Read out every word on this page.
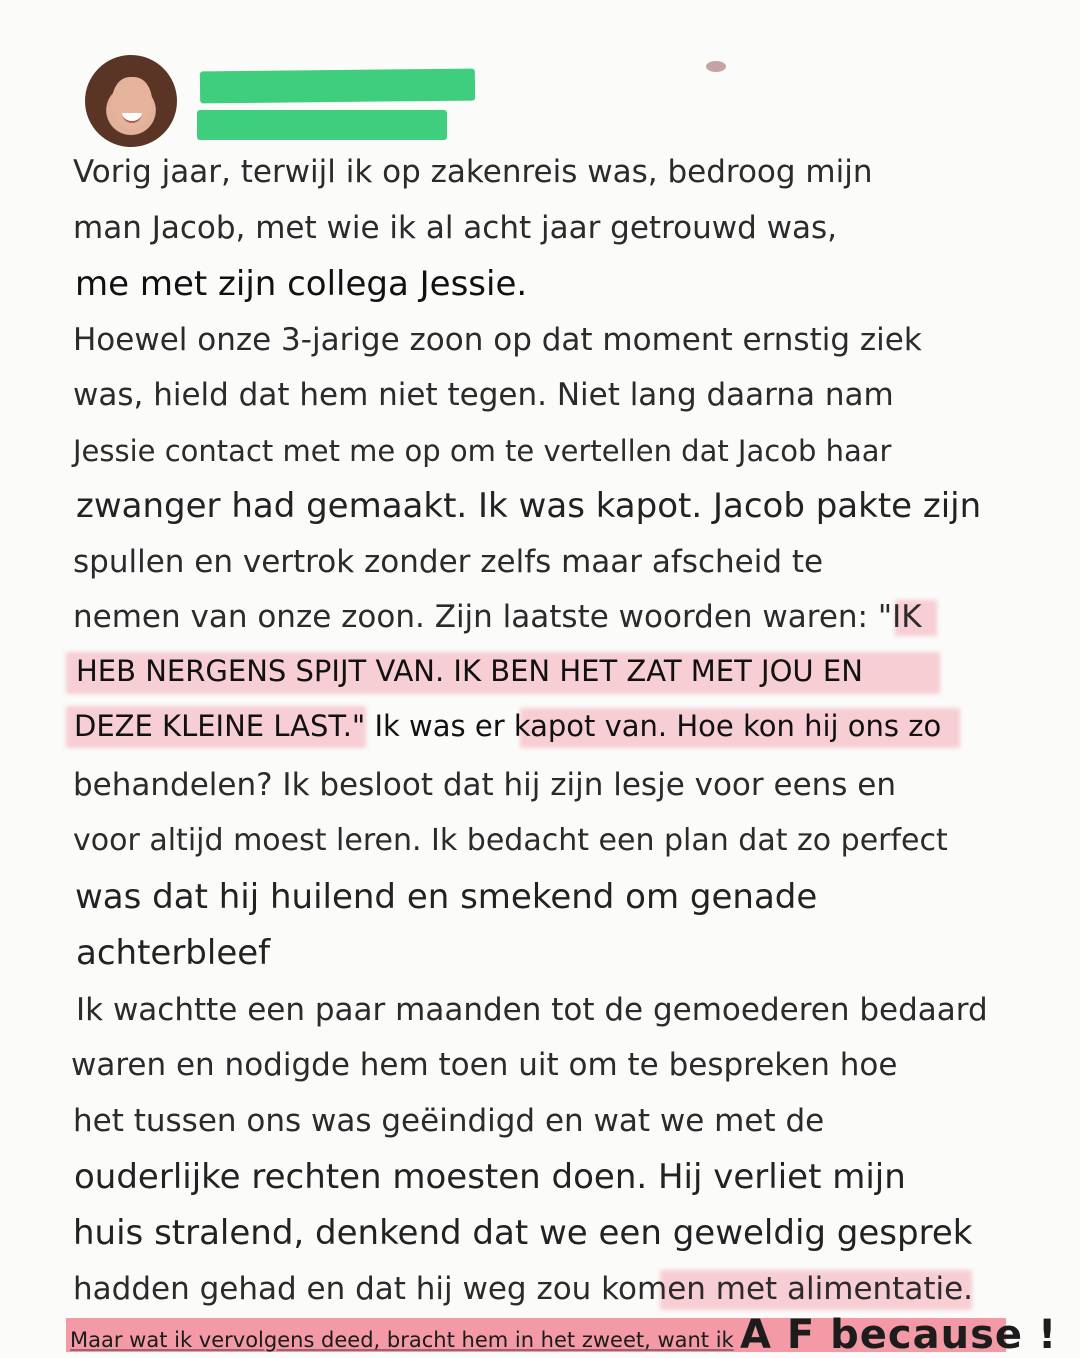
Vorig jaar, terwijl ik op zakenreis was, bedroog mijn

man Jacob, met wie ik al acht jaar getrouwd was,

me met zijn collega Jessie.

Hoewel onze 3-jarige zoon op dat moment ernstig ziek

was, hield dat hem niet tegen. Niet lang daarna nam

Jessie contact met me op om te vertellen dat Jacob haar

zwanger had gemaakt. Ik was kapot. Jacob pakte zijn

spullen en vertrok zonder zelfs maar afscheid te

nemen van onze zoon. Zijn laatste woorden waren: "IK

HEB NERGENS SPIJT VAN. IK BEN HET ZAT MET JOU EN

DEZE KLEINE LAST." Ik was er kapot van. Hoe kon hij ons zo

behandelen? Ik besloot dat hij zijn lesje voor eens en

voor altijd moest leren. Ik bedacht een plan dat zo perfect

was dat hij huilend en smekend om genade

achterbleef

Ik wachtte een paar maanden tot de gemoederen bedaard

waren en nodigde hem toen uit om te bespreken hoe

het tussen ons was geëindigd en wat we met de

ouderlijke rechten moesten doen. Hij verliet mijn

huis stralend, denkend dat we een geweldig gesprek

hadden gehad en dat hij weg zou komen met alimentatie.

A F because !
Maar wat ik vervolgens deed, bracht hem in het zweet, want ik
